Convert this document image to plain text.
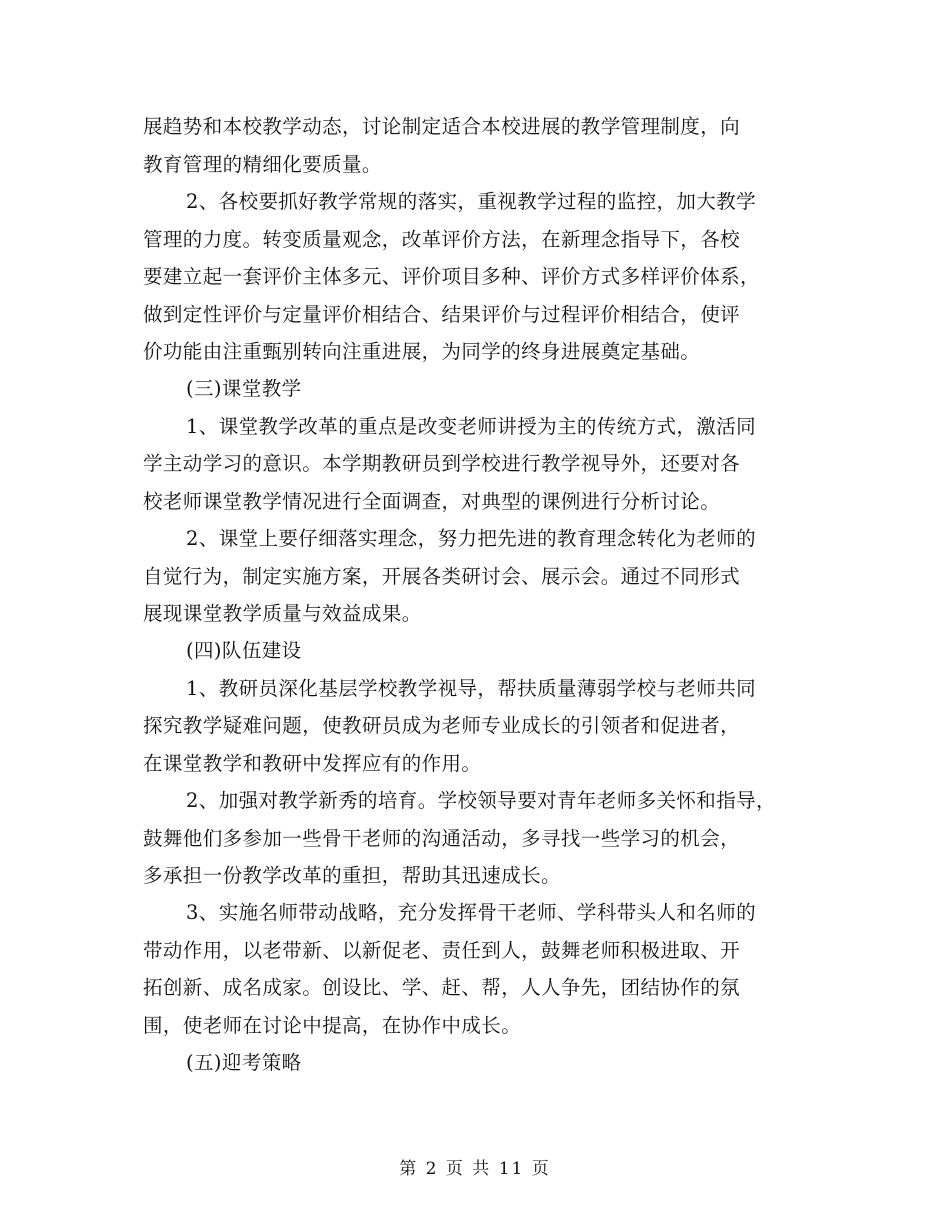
展趋势和本校教学动态，讨论制定适合本校进展的教学管理制度，向
教育管理的精细化要质量。
2、各校要抓好教学常规的落实，重视教学过程的监控，加大教学
管理的力度。转变质量观念，改革评价方法，在新理念指导下，各校
要建立起一套评价主体多元、评价项目多种、评价方式多样评价体系，
做到定性评价与定量评价相结合、结果评价与过程评价相结合，使评
价功能由注重甄别转向注重进展，为同学的终身进展奠定基础。
(三)课堂教学
1、课堂教学改革的重点是改变老师讲授为主的传统方式，激活同
学主动学习的意识。本学期教研员到学校进行教学视导外，还要对各
校老师课堂教学情况进行全面调查，对典型的课例进行分析讨论。
2、课堂上要仔细落实理念，努力把先进的教育理念转化为老师的
自觉行为，制定实施方案，开展各类研讨会、展示会。通过不同形式
展现课堂教学质量与效益成果。
(四)队伍建设
1、教研员深化基层学校教学视导，帮扶质量薄弱学校与老师共同
探究教学疑难问题，使教研员成为老师专业成长的引领者和促进者，
在课堂教学和教研中发挥应有的作用。
2、加强对教学新秀的培育。学校领导要对青年老师多关怀和指导，
鼓舞他们多参加一些骨干老师的沟通活动，多寻找一些学习的机会，
多承担一份教学改革的重担，帮助其迅速成长。
3、实施名师带动战略，充分发挥骨干老师、学科带头人和名师的
带动作用，以老带新、以新促老、责任到人，鼓舞老师积极进取、开
拓创新、成名成家。创设比、学、赶、帮，人人争先，团结协作的氛
围，使老师在讨论中提高，在协作中成长。
(五)迎考策略
第 2 页 共 11 页
